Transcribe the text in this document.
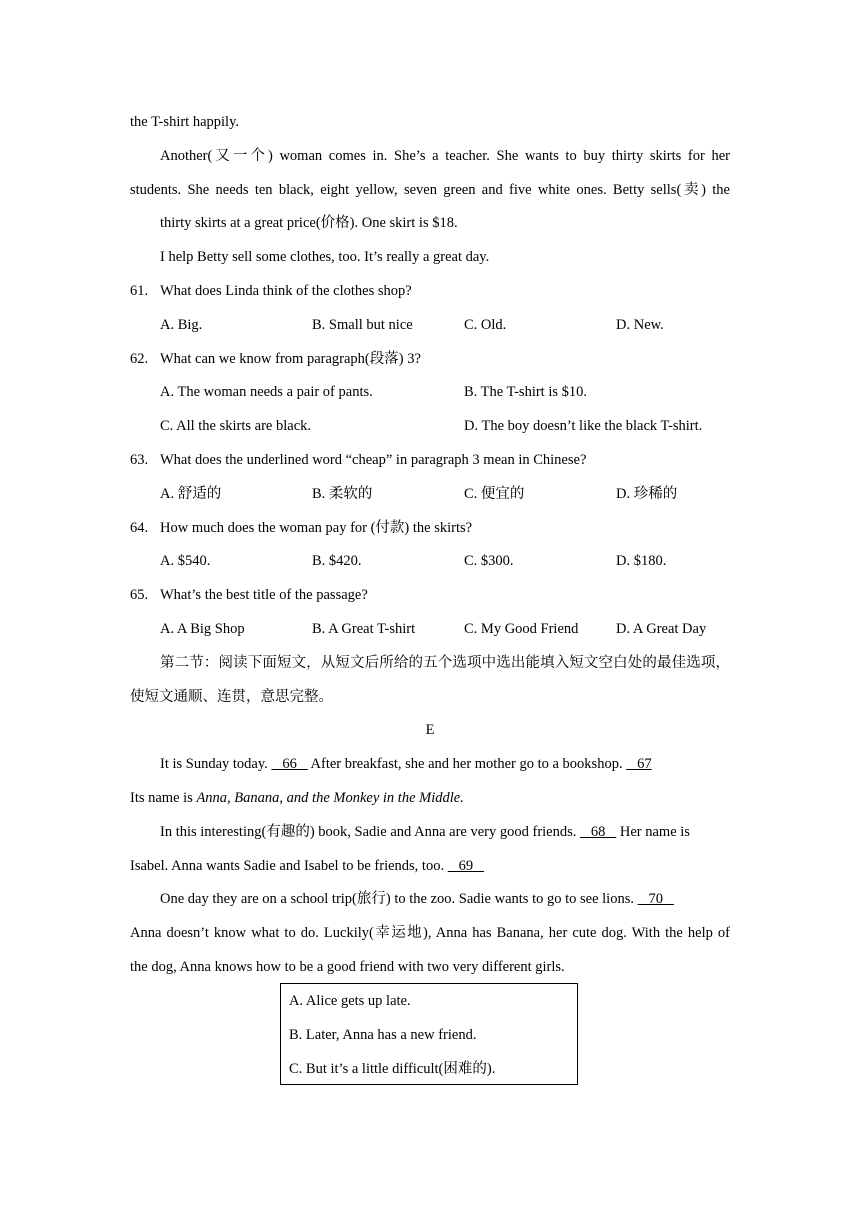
the T-shirt happily.
Another(又一个) woman comes in. She’s a teacher. She wants to buy thirty skirts for her
students. She needs ten black, eight yellow, seven green and five white ones. Betty sells(卖) the
thirty skirts at a great price(价格). One skirt is $18.
I help Betty sell some clothes, too. It’s really a great day.
61. What does Linda think of the clothes shop?
A. Big.	B. Small but nice	C. Old.	D. New.
62. What can we know from paragraph(段落) 3?
A. The woman needs a pair of pants.	B. The T-shirt is $10.
C. All the skirts are black.	D. The boy doesn’t like the black T-shirt.
63. What does the underlined word “cheap” in paragraph 3 mean in Chinese?
A. 舒适的	B. 柔软的	C. 便宜的	D. 珍稀的
64. How much does the woman pay for (付款) the skirts?
A. $540.	B. $420.	C. $300.	D. $180.
65. What’s the best title of the passage?
A. A Big Shop	B. A Great T-shirt	C. My Good Friend	D. A Great Day
第二节：阅读下面短文，从短文后所给的五个选项中选出能填入短文空白处的最佳选项，
使短文通顺、连贯，意思完整。
E
It is Sunday today.    66    After breakfast, she and her mother go to a bookshop.    67
Its name is Anna, Banana, and the Monkey in the Middle.
In this interesting(有趣的) book, Sadie and Anna are very good friends.    68    Her name is
Isabel. Anna wants Sadie and Isabel to be friends, too.    69
One day they are on a school trip(旅行) to the zoo. Sadie wants to go to see lions.    70
Anna doesn’t know what to do. Luckily(幸运地), Anna has Banana, her cute dog. With the help of
the dog, Anna knows how to be a good friend with two very different girls.
A. Alice gets up late.
B. Later, Anna has a new friend.
C. But it’s a little difficult(困难的).
